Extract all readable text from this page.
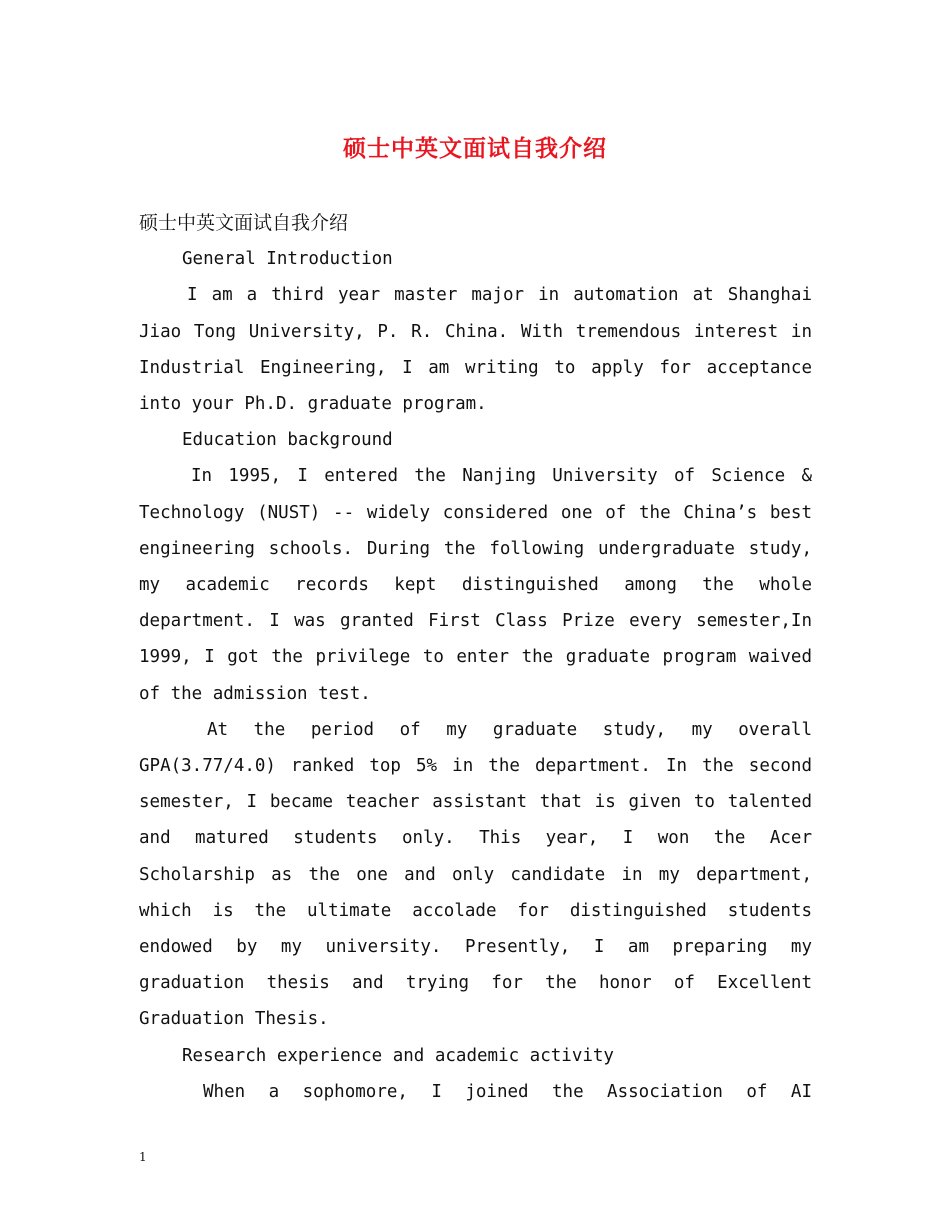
硕士中英文面试自我介绍

硕士中英文面试自我介绍

General Introduction

I am a third year master major in automation at Shanghai Jiao Tong University, P. R. China. With tremendous interest in Industrial Engineering, I am writing to apply for acceptance into your Ph.D. graduate program.

Education background

In 1995, I entered the Nanjing University of Science & Technology (NUST) -- widely considered one of the China’s best engineering schools. During the following undergraduate study, my academic records kept distinguished among the whole department. I was granted First Class Prize every semester,In 1999, I got the privilege to enter the graduate program waived of the admission test.

At the period of my graduate study, my overall GPA(3.77/4.0) ranked top 5% in the department. In the second semester, I became teacher assistant that is given to talented and matured students only. This year, I won the Acer Scholarship as the one and only candidate in my department, which is the ultimate accolade for distinguished students endowed by my university. Presently, I am preparing my graduation thesis and trying for the honor of Excellent Graduation Thesis.

Research experience and academic activity

When a sophomore, I joined the Association of AI

1
